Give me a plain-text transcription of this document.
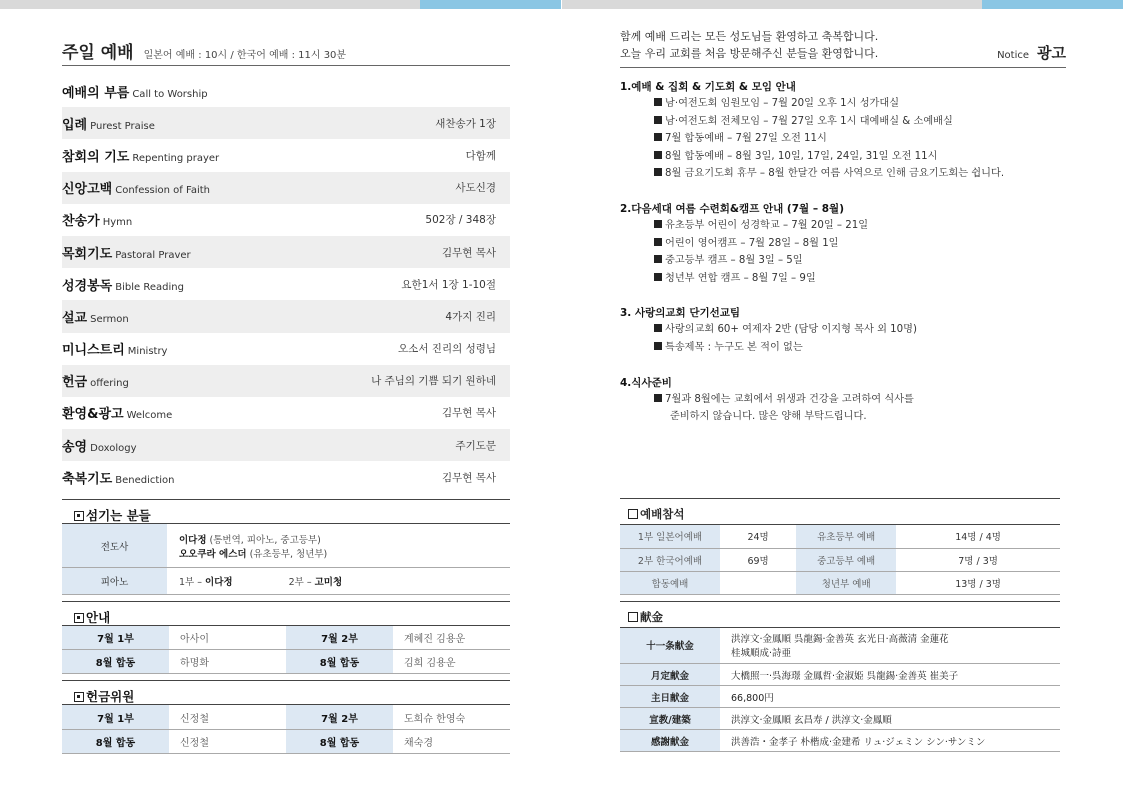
주일 예배 일본어 예배 : 10시 / 한국어 예배 : 11시 30분
예배의 부름 Call to Worship
입례 Purest Praise	새찬송가 1장
참회의 기도 Repenting prayer	다함께
신앙고백 Confession of Faith	사도신경
찬송가 Hymn	502장 / 348장
목회기도 Pastoral Praver	김무현 목사
성경봉독 Bible Reading	요한1서 1장 1-10절
설교 Sermon	4가지 진리
미니스트리 Ministry	오소서 진리의 성령님
헌금 offering	나 주님의 기쁨 되기 원하네
환영&광고 Welcome	김무현 목사
송영 Doxology	주기도문
축복기도 Benediction	김무현 목사
섬기는 분들
전도사	이다정 (통번역, 피아노, 중고등부)
오오쿠라 에스더 (유초등부, 청년부)

피아노	1부 – 이다정 2부 – 고미청
안내
7월 1부	아사이	7월 2부	계혜진 김용운
8월 합동	하명화	8월 합동	김희 김용운
헌금위원
7월 1부	신정철	7월 2부	도희슈 한영숙
8월 합동	신정철	8월 합동	채숙경
함께 예배 드리는 모든 성도님들 환영하고 축복합니다.
오늘 우리 교회를 처음 방문해주신 분들을 환영합니다.	Notice 광고
1.예배 & 집회 & 기도회 & 모임 안내
남·여전도회 임원모임 – 7월 20일 오후 1시 성가대실
남·여전도회 전체모임 – 7월 27일 오후 1시 대예배실 & 소예배실
7월 합동예배 – 7월 27일 오전 11시
8월 합동예배 – 8월 3일, 10일, 17일, 24일, 31일 오전 11시
8월 금요기도회 휴무 – 8월 한달간 여름 사역으로 인해 금요기도회는 쉽니다.
2.다음세대 여름 수련회&캠프 안내 (7월 – 8월)
유초등부 어린이 성경학교 – 7월 20일 – 21일
어린이 영어캠프 – 7월 28일 – 8월 1일
중고등부 캠프 – 8월 3일 – 5일
청년부 연합 캠프 – 8월 7일 – 9일
3. 사랑의교회 단기선교팀
사랑의교회 60+ 여제자 2반 (담당 이지형 목사 외 10명)
특송제목 : 누구도 본 적이 없는
4.식사준비
7월과 8월에는 교회에서 위생과 건강을 고려하여 식사를
준비하지 않습니다. 많은 양해 부탁드립니다.
예배참석
1부 일본어예배	24명	유초등부 예배	14명 / 4명
2부 한국어예배	69명	중고등부 예배	7명 / 3명
합동예배		청년부 예배	13명 / 3명
献金
十一条献金	洪淳文·金鳳順 呉龍錫·金善英 玄光日·高薇清 金蓮花
桂城順成·詩亜

月定献金	大橋照一·呉海璟 金鳳哲·金淑姫 呉龍錫·金善英 崔美子
主日献金	66,800円
宣教/建築	洪淳文·金鳳順 玄昌寿 / 洪淳文·金鳳順
感謝献金	洪善浩・金孝子 朴楷成·金建希 リュ·ジェミン シン·サンミン
